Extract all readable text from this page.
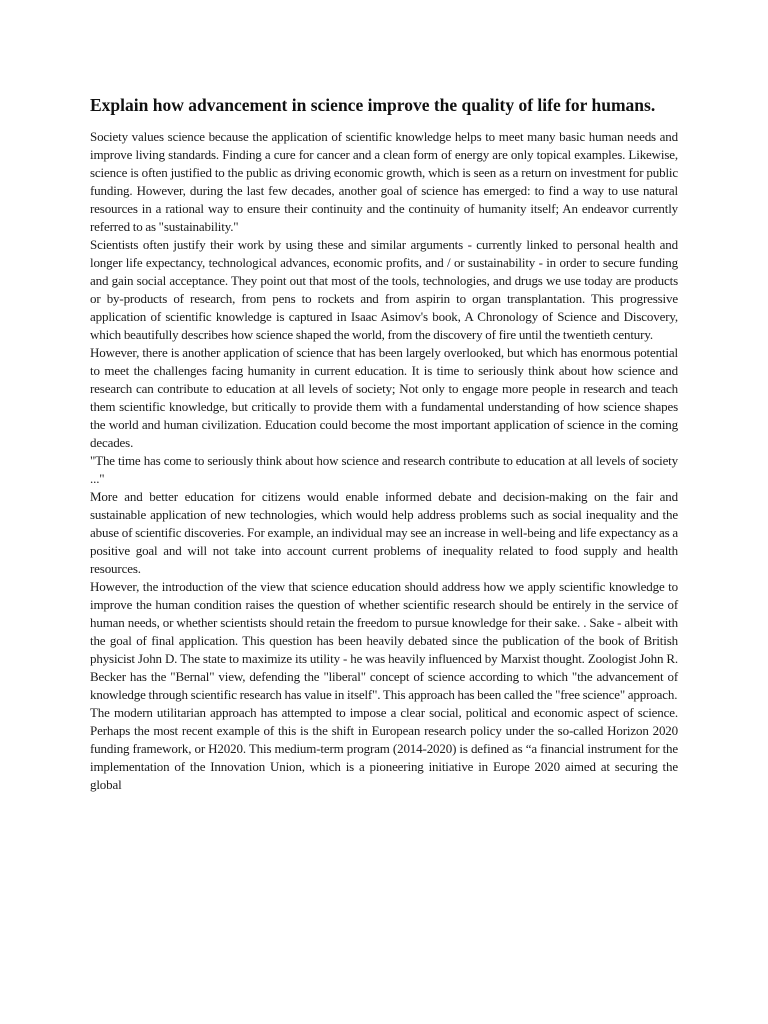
Explain how advancement in science improve the quality of life for humans.

Society values science because the application of scientific knowledge helps to meet many basic human needs and improve living standards. Finding a cure for cancer and a clean form of energy are only topical examples. Likewise, science is often justified to the public as driving economic growth, which is seen as a return on investment for public funding. However, during the last few decades, another goal of science has emerged: to find a way to use natural resources in a rational way to ensure their continuity and the continuity of humanity itself; An endeavor currently referred to as "sustainability."

Scientists often justify their work by using these and similar arguments - currently linked to personal health and longer life expectancy, technological advances, economic profits, and / or sustainability - in order to secure funding and gain social acceptance. They point out that most of the tools, technologies, and drugs we use today are products or by-products of research, from pens to rockets and from aspirin to organ transplantation. This progressive application of scientific knowledge is captured in Isaac Asimov's book, A Chronology of Science and Discovery, which beautifully describes how science shaped the world, from the discovery of fire until the twentieth century.

However, there is another application of science that has been largely overlooked, but which has enormous potential to meet the challenges facing humanity in current education. It is time to seriously think about how science and research can contribute to education at all levels of society; Not only to engage more people in research and teach them scientific knowledge, but critically to provide them with a fundamental understanding of how science shapes the world and human civilization. Education could become the most important application of science in the coming decades.

"The time has come to seriously think about how science and research contribute to education at all levels of society ..."

More and better education for citizens would enable informed debate and decision-making on the fair and sustainable application of new technologies, which would help address problems such as social inequality and the abuse of scientific discoveries. For example, an individual may see an increase in well-being and life expectancy as a positive goal and will not take into account current problems of inequality related to food supply and health resources.

However, the introduction of the view that science education should address how we apply scientific knowledge to improve the human condition raises the question of whether scientific research should be entirely in the service of human needs, or whether scientists should retain the freedom to pursue knowledge for their sake. . Sake - albeit with the goal of final application. This question has been heavily debated since the publication of the book of British physicist John D. The state to maximize its utility - he was heavily influenced by Marxist thought. Zoologist John R. Becker has the "Bernal" view, defending the "liberal" concept of science according to which "the advancement of knowledge through scientific research has value in itself". This approach has been called the "free science" approach.

The modern utilitarian approach has attempted to impose a clear social, political and economic aspect of science. Perhaps the most recent example of this is the shift in European research policy under the so-called Horizon 2020 funding framework, or H2020. This medium-term program (2014-2020) is defined as “a financial instrument for the implementation of the Innovation Union, which is a pioneering initiative in Europe 2020 aimed at securing the global
